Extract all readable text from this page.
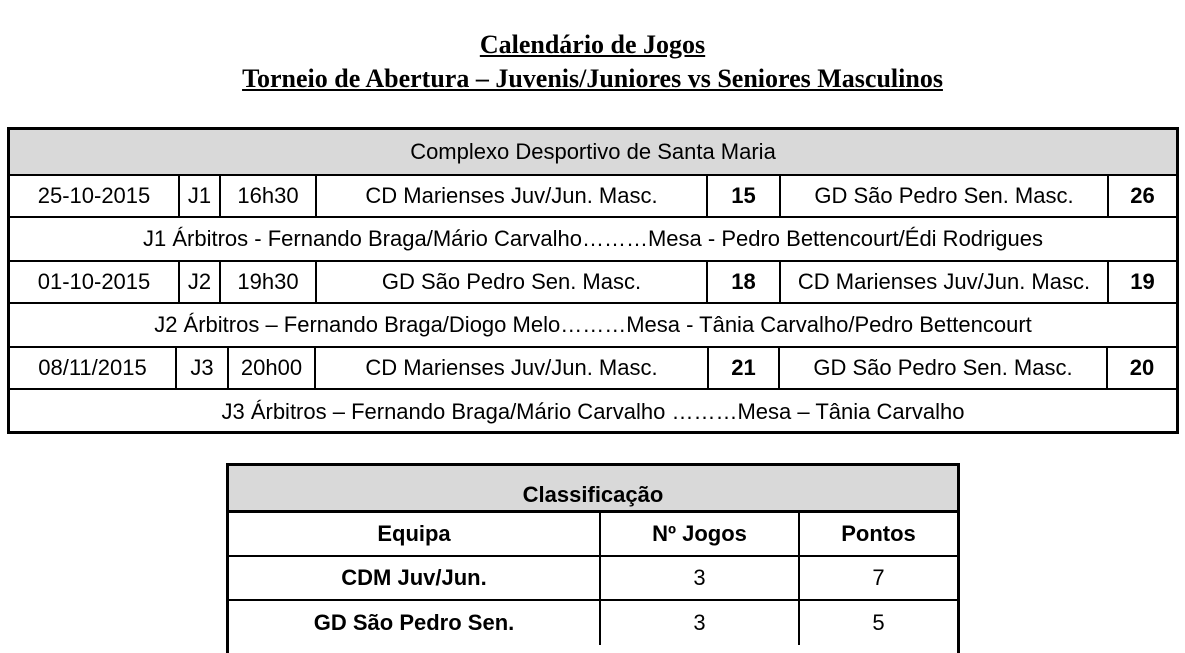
Calendário de Jogos

Torneio de Abertura – Juvenis/Juniores vs Seniores Masculinos

Complexo Desportivo de Santa Maria
25-10-2015	J1	16h30	CD Marienses Juv/Jun. Masc.	15	GD São Pedro Sen. Masc.	26
J1 Árbitros - Fernando Braga/Mário Carvalho………Mesa - Pedro Bettencourt/Édi Rodrigues
01-10-2015	J2	19h30	GD São Pedro Sen. Masc.	18	CD Marienses Juv/Jun. Masc.	19
J2 Árbitros – Fernando Braga/Diogo Melo………Mesa - Tânia Carvalho/Pedro Bettencourt
08/11/2015	J3	20h00	CD Marienses Juv/Jun. Masc.	21	GD São Pedro Sen. Masc.	20
J3 Árbitros – Fernando Braga/Mário Carvalho ………Mesa – Tânia Carvalho
Classificação
Equipa	Nº Jogos	Pontos
CDM Juv/Jun.	3	7
GD São Pedro Sen.	3	5
